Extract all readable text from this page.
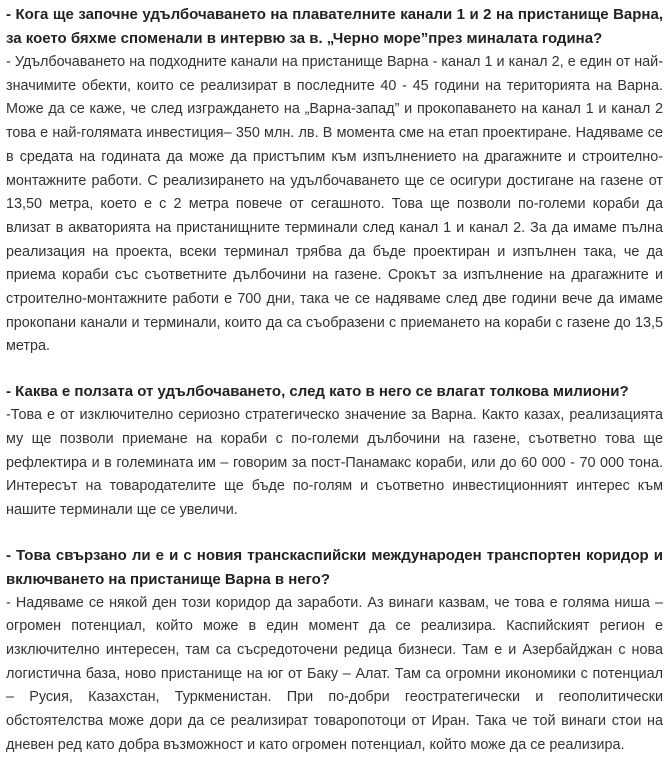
- Кога ще започне удълбочаването на плавателните канали 1 и 2 на пристанище Варна, за което бяхме споменали в интервю за в. „Черно море”през миналата година?

- Удълбочаването на подходните канали на пристанище Варна - канал 1 и канал 2, е един от най-значимите обекти, които се реализират в последните 40 - 45 години на територията на Варна. Може да се каже, че след изграждането на „Варна-запад” и прокопаването на канал 1 и канал 2 това е най-голямата инвестиция– 350 млн. лв. В момента сме на етап проектиране. Надяваме се в средата на годината да може да пристъпим към изпълнението на драгажните и строително-монтажните работи. С реализирането на удълбочаването ще се осигури достигане на газене от 13,50 метра, което е с 2 метра повече от сегашното. Това ще позволи по-големи кораби да влизат в акваторията на пристанищните терминали след канал 1 и канал 2. За да имаме пълна реализация на проекта, всеки терминал трябва да бъде проектиран и изпълнен така, че да приема кораби със съответните дълбочини на газене. Срокът за изпълнение на драгажните и строително-монтажните работи е 700 дни, така че се надяваме след две години вече да имаме прокопани канали и терминали, които да са съобразени с приемането на кораби с газене до 13,5 метра.

- Каква е ползата от удълбочаването, след като в него се влагат толкова милиони?

-Това е от изключително сериозно стратегическо значение за Варна. Както казах, реализацията му ще позволи приемане на кораби с по-големи дълбочини на газене, съответно това ще рефлектира и в големината им – говорим за пост-Панамакс кораби, или до 60 000 - 70 000 тона. Интересът на товародателите ще бъде по-голям и съответно инвестиционният интерес към нашите терминали ще се увеличи.

- Това свързано ли е и с новия транскаспийски международен транспортен коридор и включването на пристанище Варна в него?

- Надяваме се някой ден този коридор да заработи. Аз винаги казвам, че това е голяма ниша – огромен потенциал, който може в един момент да се реализира. Каспийският регион е изключително интересен, там са съсредоточени редица бизнеси. Там е и Азербайджан с нова логистична база, ново пристанище на юг от Баку – Алат. Там са огромни икономики с потенциал – Русия, Казахстан, Туркменистан. При по-добри геостратегически и геополитически обстоятелства може дори да се реализират товаропотоци от Иран. Така че той винаги стои на дневен ред като добра възможност и като огромен потенциал, който може да се реализира.
